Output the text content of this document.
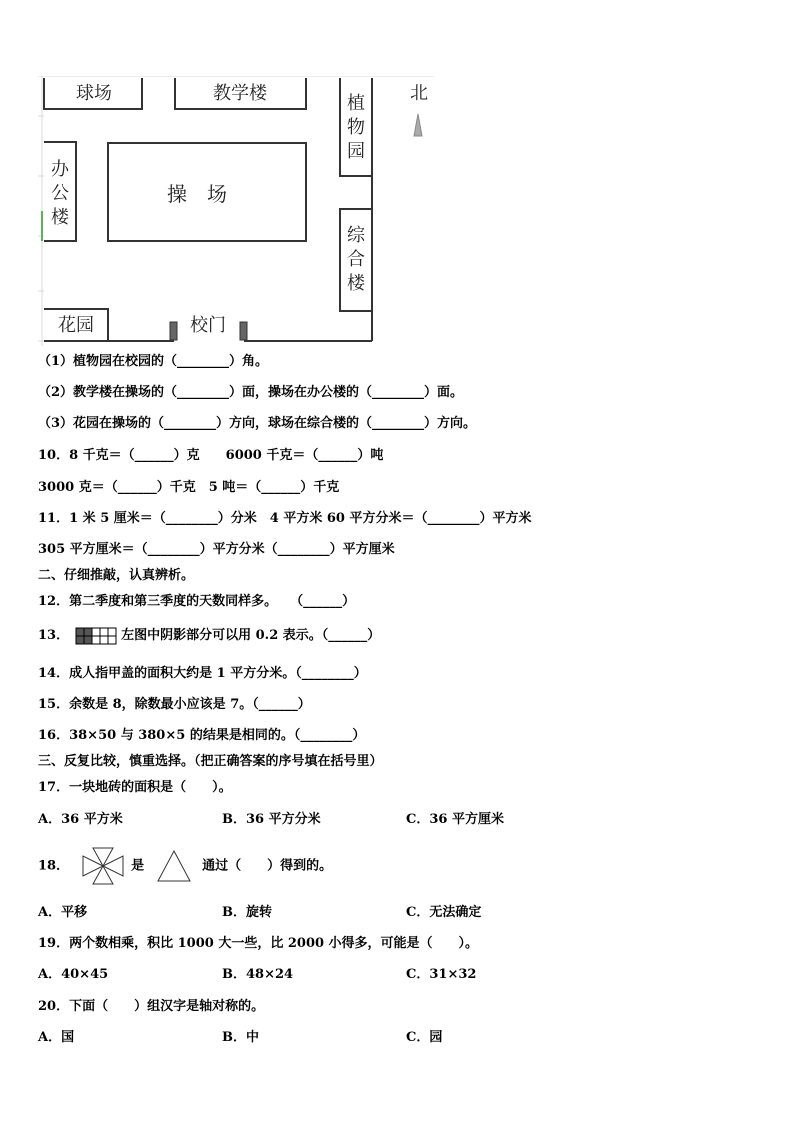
球场	教学楼	北
植物园
办公楼
操　场
综合楼
花园	校门
（1）植物园在校园的（________）角。
（2）教学楼在操场的（________）面，操场在办公楼的（________）面。
（3）花园在操场的（________）方向，球场在综合楼的（________）方向。
10．8 千克＝（______）克　　6000 千克＝（______）吨
3000 克＝（______）千克　5 吨＝（______）千克
11．1 米 5 厘米＝（________）分米　4 平方米 60 平方分米＝（________）平方米
305 平方厘米＝（________）平方分米（________）平方厘米
二、仔细推敲，认真辨析。
12．第二季度和第三季度的天数同样多。　　（______）
13．	左图中阴影部分可以用 0.2 表示。（______）
14．成人指甲盖的面积大约是 1 平方分米。（________）
15．余数是 8，除数最小应该是 7。（______）
16．38×50 与 380×5 的结果是相同的。（________）
三、反复比较，慎重选择。（把正确答案的序号填在括号里）
17．一块地砖的面积是（　　）。
A．36 平方米	B．36 平方分米	C．36 平方厘米
18．	是	通过（　　）得到的。
A．平移	B．旋转	C．无法确定
19．两个数相乘，积比 1000 大一些，比 2000 小得多，可能是（　　）。
A．40×45	B．48×24	C．31×32
20．下面（　　）组汉字是轴对称的。
A．国	B．中	C．园
